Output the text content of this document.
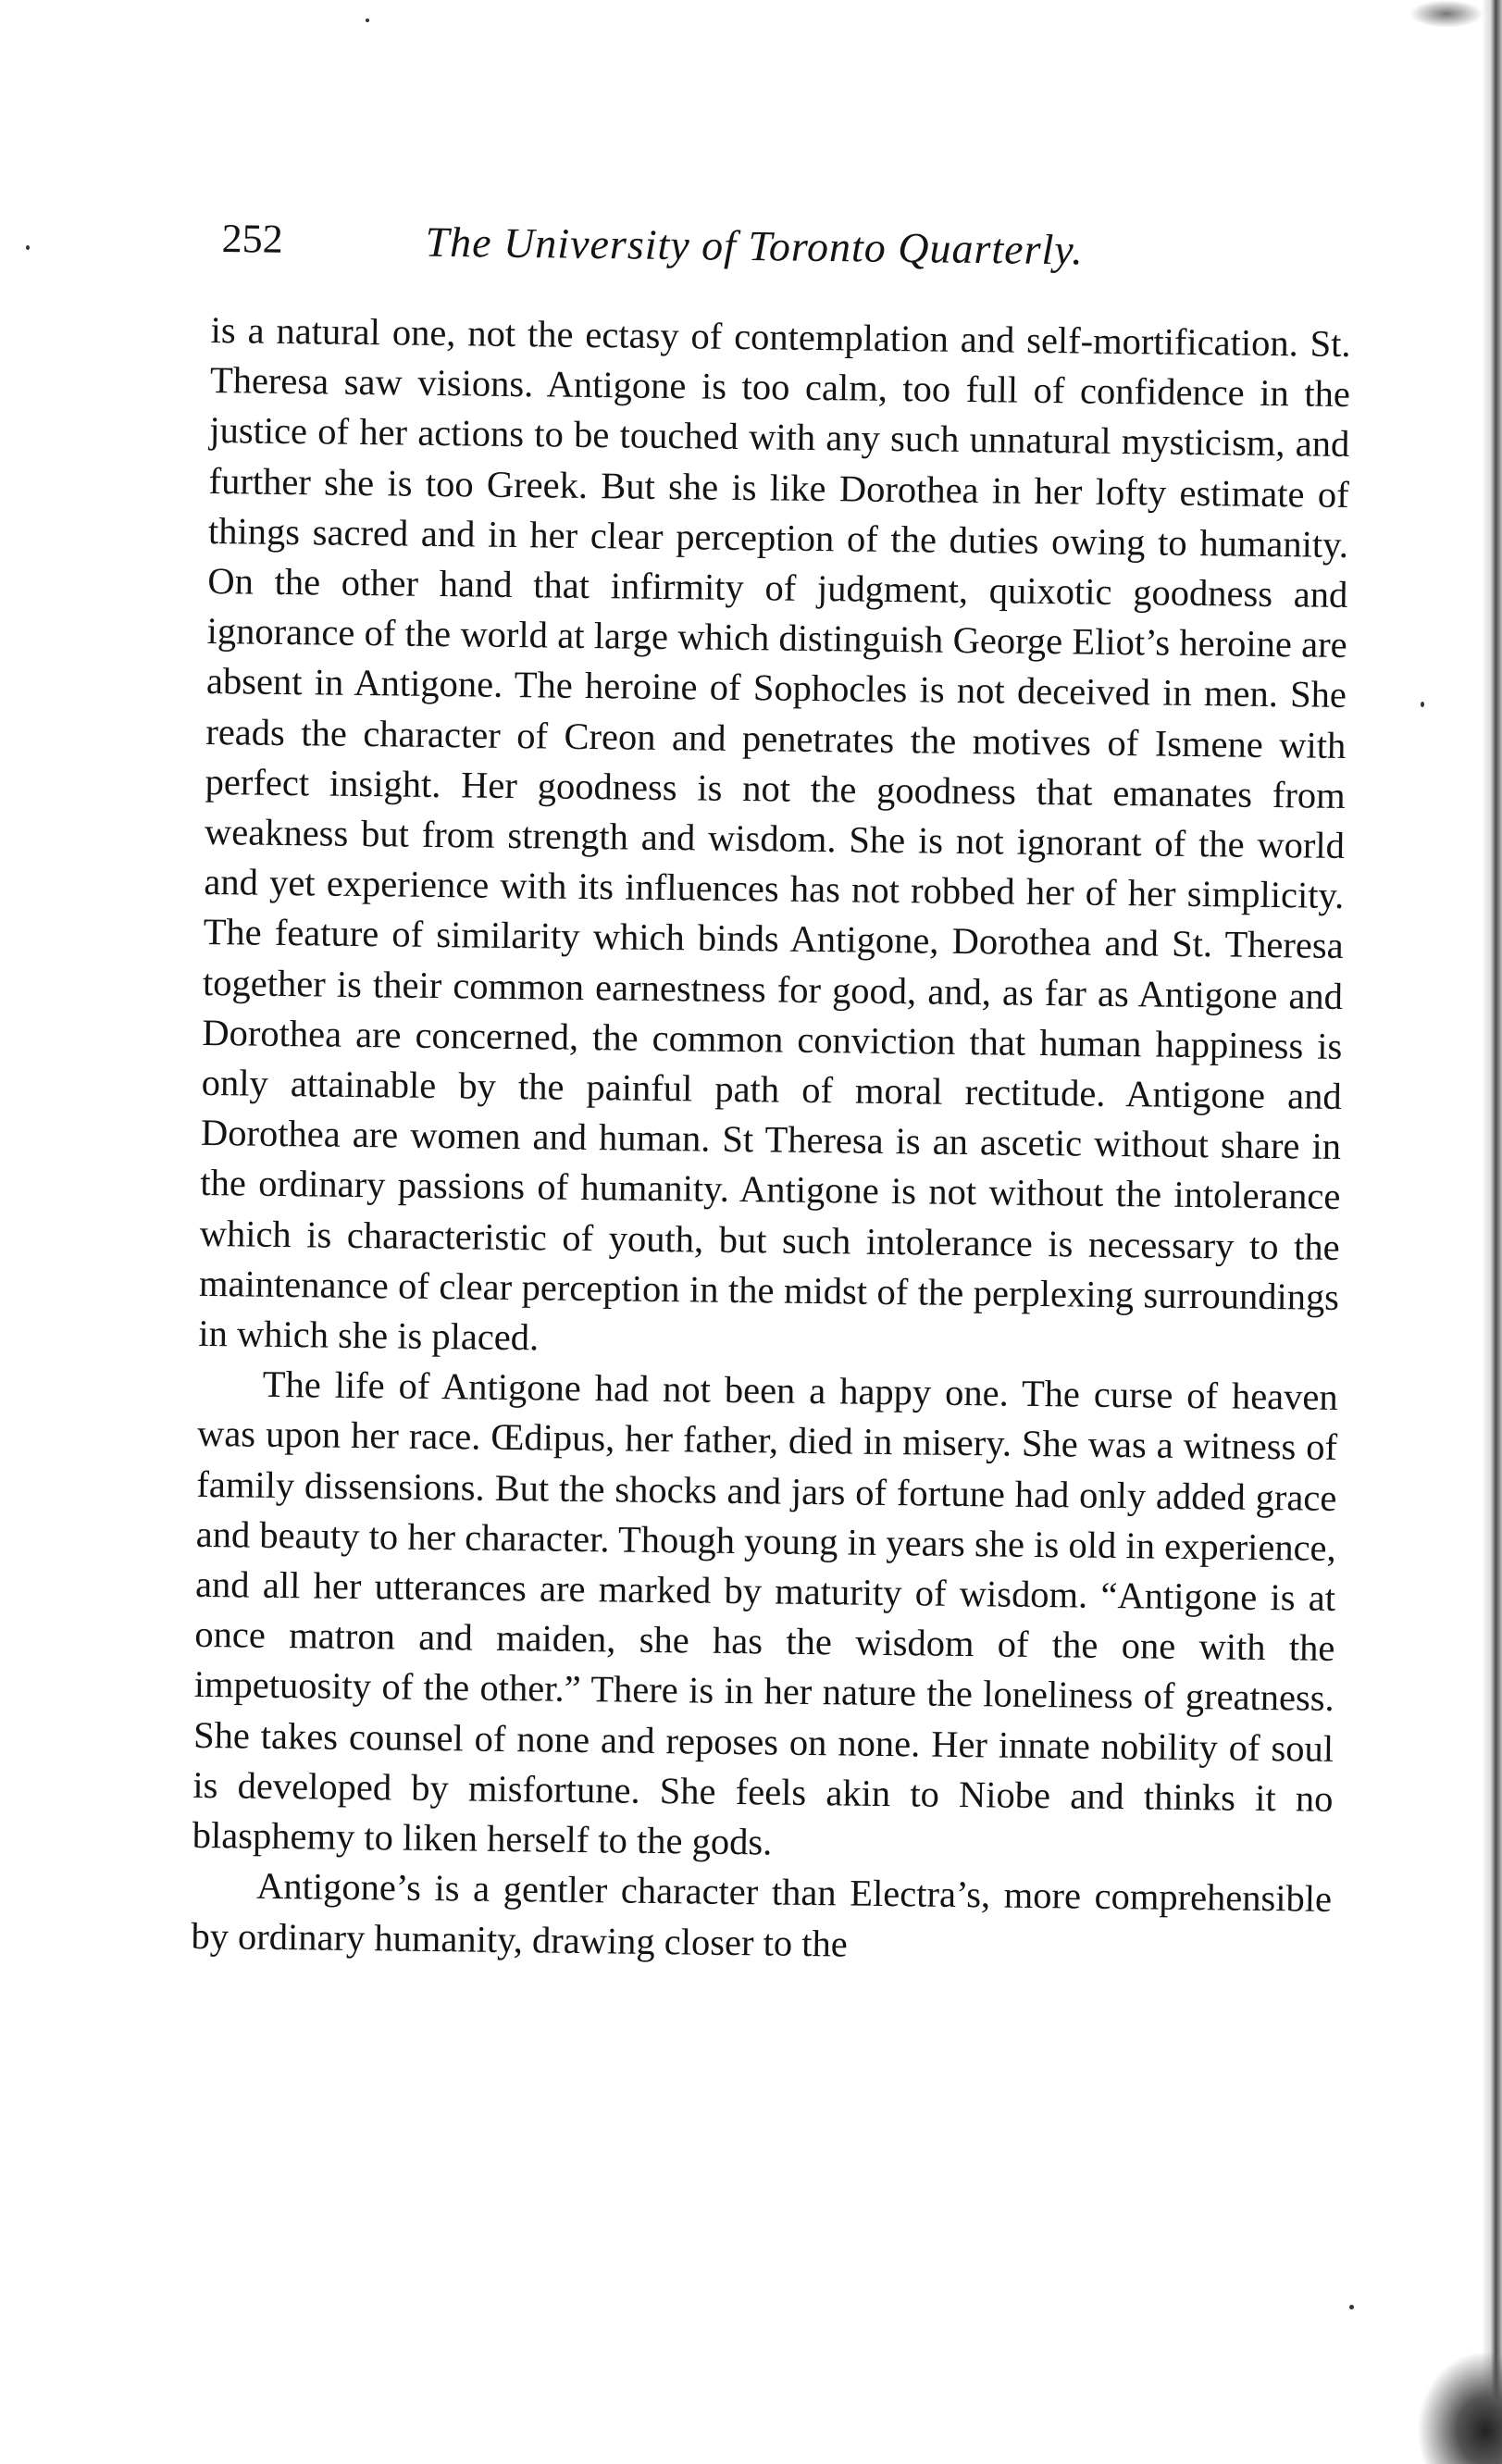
252	The University of Toronto Quarterly.

is a natural one, not the ectasy of contemplation and self-mortification. St. Theresa saw visions. Antigone is too calm, too full of confidence in the justice of her actions to be touched with any such unnatural mysticism, and further she is too Greek. But she is like Dorothea in her lofty estimate of things sacred and in her clear perception of the duties owing to humanity. On the other hand that infirmity of judgment, quixotic goodness and ignorance of the world at large which distinguish George Eliot’s heroine are absent in Antigone. The heroine of Sophocles is not deceived in men. She reads the character of Creon and penetrates the motives of Ismene with perfect insight. Her goodness is not the goodness that emanates from weakness but from strength and wisdom. She is not ignorant of the world and yet experience with its influences has not robbed her of her simplicity. The feature of similarity which binds Antigone, Dorothea and St. Theresa together is their common earnestness for good, and, as far as Antigone and Dorothea are concerned, the common conviction that human happiness is only attainable by the painful path of moral rectitude. Antigone and Dorothea are women and human. St Theresa is an ascetic without share in the ordinary passions of humanity. Antigone is not without the intolerance which is characteristic of youth, but such intolerance is necessary to the maintenance of clear perception in the midst of the perplexing surroundings in which she is placed.

The life of Antigone had not been a happy one. The curse of heaven was upon her race. Œdipus, her father, died in misery. She was a witness of family dissensions. But the shocks and jars of fortune had only added grace and beauty to her character. Though young in years she is old in experience, and all her utterances are marked by maturity of wisdom. “Antigone is at once matron and maiden, she has the wisdom of the one with the impetuosity of the other.” There is in her nature the loneliness of greatness. She takes counsel of none and reposes on none. Her innate nobility of soul is developed by misfortune. She feels akin to Niobe and thinks it no blasphemy to liken herself to the gods.

Antigone’s is a gentler character than Electra’s, more comprehensible by ordinary humanity, drawing closer to the
